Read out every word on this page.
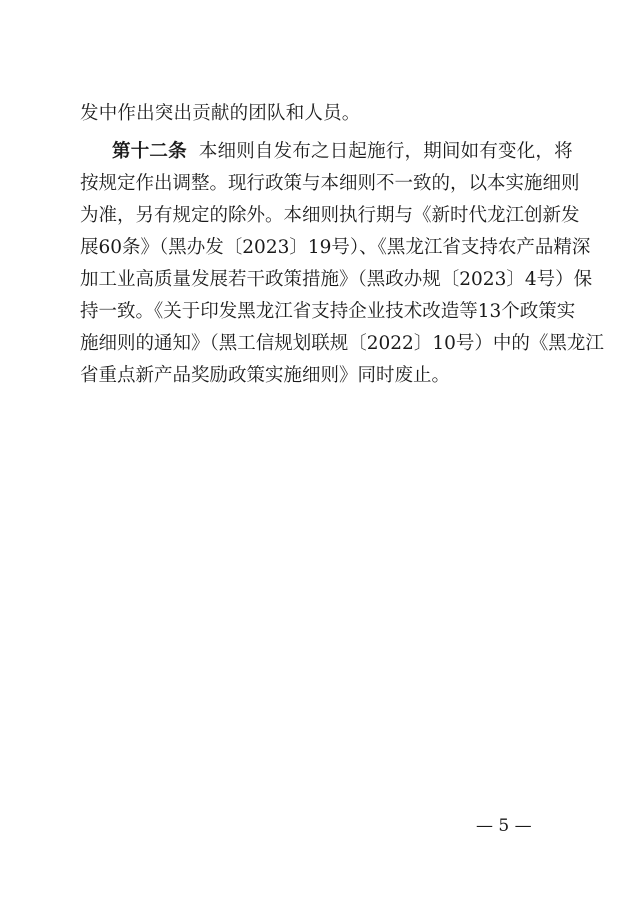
发中作出突出贡献的团队和人员。
第十二条 本细则自发布之日起施行，期间如有变化，将
按规定作出调整。现行政策与本细则不一致的，以本实施细则
为准，另有规定的除外。本细则执行期与《新时代龙江创新发
展60条》（黑办发〔2023〕19号）、《黑龙江省支持农产品精深
加工业高质量发展若干政策措施》（黑政办规〔2023〕4号）保
持一致。《关于印发黑龙江省支持企业技术改造等13个政策实
施细则的通知》（黑工信规划联规〔2022〕10号）中的《黑龙江
省重点新产品奖励政策实施细则》同时废止。
— 5 —
